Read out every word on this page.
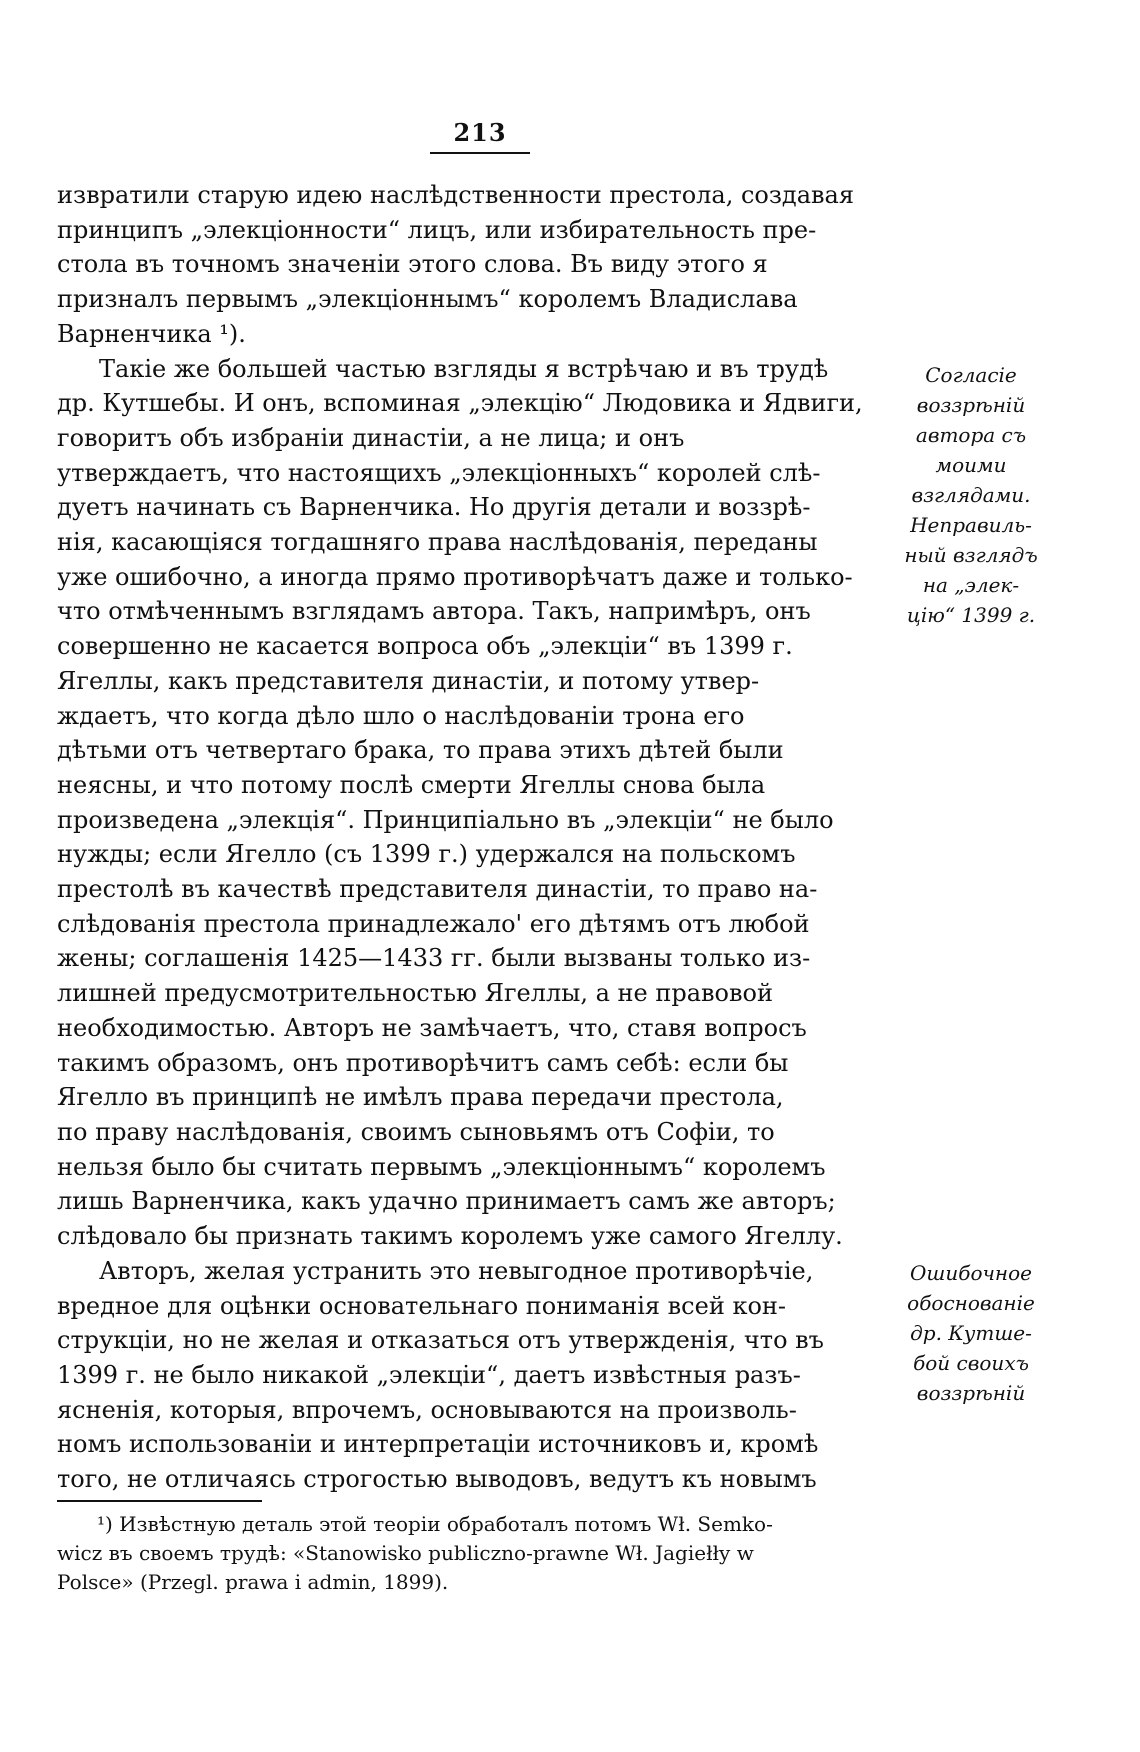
213

извратили старую идею наслѣдственности престола, создавая
принципъ „элекціонности“ лицъ, или избирательность пре-
стола въ точномъ значеніи этого слова. Въ виду этого я
призналъ первымъ „элекціоннымъ“ королемъ Владислава
Варненчика ¹).

Такіе же большей частью взгляды я встрѣчаю и въ трудѣ
др. Кутшебы. И онъ, вспоминая „элекцію“ Людовика и Ядвиги,
говоритъ объ избраніи династіи, а не лица; и онъ
утверждаетъ, что настоящихъ „элекціонныхъ“ королей слѣ-
дуетъ начинать съ Варненчика. Но другія детали и воззрѣ-
нія, касающіяся тогдашняго права наслѣдованія, переданы
уже ошибочно, а иногда прямо противорѣчатъ даже и только-
что отмѣченнымъ взглядамъ автора. Такъ, напримѣръ, онъ
совершенно не касается вопроса объ „элекціи“ въ 1399 г.
Ягеллы, какъ представителя династіи, и потому утвер-
ждаетъ, что когда дѣло шло о наслѣдованіи трона его
дѣтьми отъ четвертаго брака, то права этихъ дѣтей были
неясны, и что потому послѣ смерти Ягеллы снова была
произведена „элекція“. Принципіально въ „элекціи“ не было
нужды; если Ягелло (съ 1399 г.) удержался на польскомъ
престолѣ въ качествѣ представителя династіи, то право на-
слѣдованія престола принадлежало' его дѣтямъ отъ любой
жены; соглашенія 1425—1433 гг. были вызваны только из-
лишней предусмотрительностью Ягеллы, а не правовой
необходимостью. Авторъ не замѣчаетъ, что, ставя вопросъ
такимъ образомъ, онъ противорѣчитъ самъ себѣ: если бы
Ягелло въ принципѣ не имѣлъ права передачи престола,
по праву наслѣдованія, своимъ сыновьямъ отъ Софіи, то
нельзя было бы считать первымъ „элекціоннымъ“ королемъ
лишь Варненчика, какъ удачно принимаетъ самъ же авторъ;
слѣдовало бы признать такимъ королемъ уже самого Ягеллу.

Авторъ, желая устранить это невыгодное противорѣчіе,
вредное для оцѣнки основательнаго пониманія всей кон-
струкціи, но не желая и отказаться отъ утвержденія, что въ
1399 г. не было никакой „элекціи“, даетъ извѣстныя разъ-
ясненія, которыя, впрочемъ, основываются на произволь-
номъ использованіи и интерпретаціи источниковъ и, кромѣ
того, не отличаясь строгостью выводовъ, ведутъ къ новымъ

Согласіе
воззрѣній
автора съ
моими
взглядами.
Неправиль-
ный взглядъ
на „элек-
цію“ 1399 г.
Ошибочное
обоснованіе
др. Кутше-
бой своихъ
воззрѣній
¹) Извѣстную деталь этой теоріи обработалъ потомъ Wł. Semko-
wicz въ своемъ трудѣ: «Stanowisko publiczno-prawne Wł. Jagiełły w
Polsce» (Przegl. prawa i admin, 1899).
